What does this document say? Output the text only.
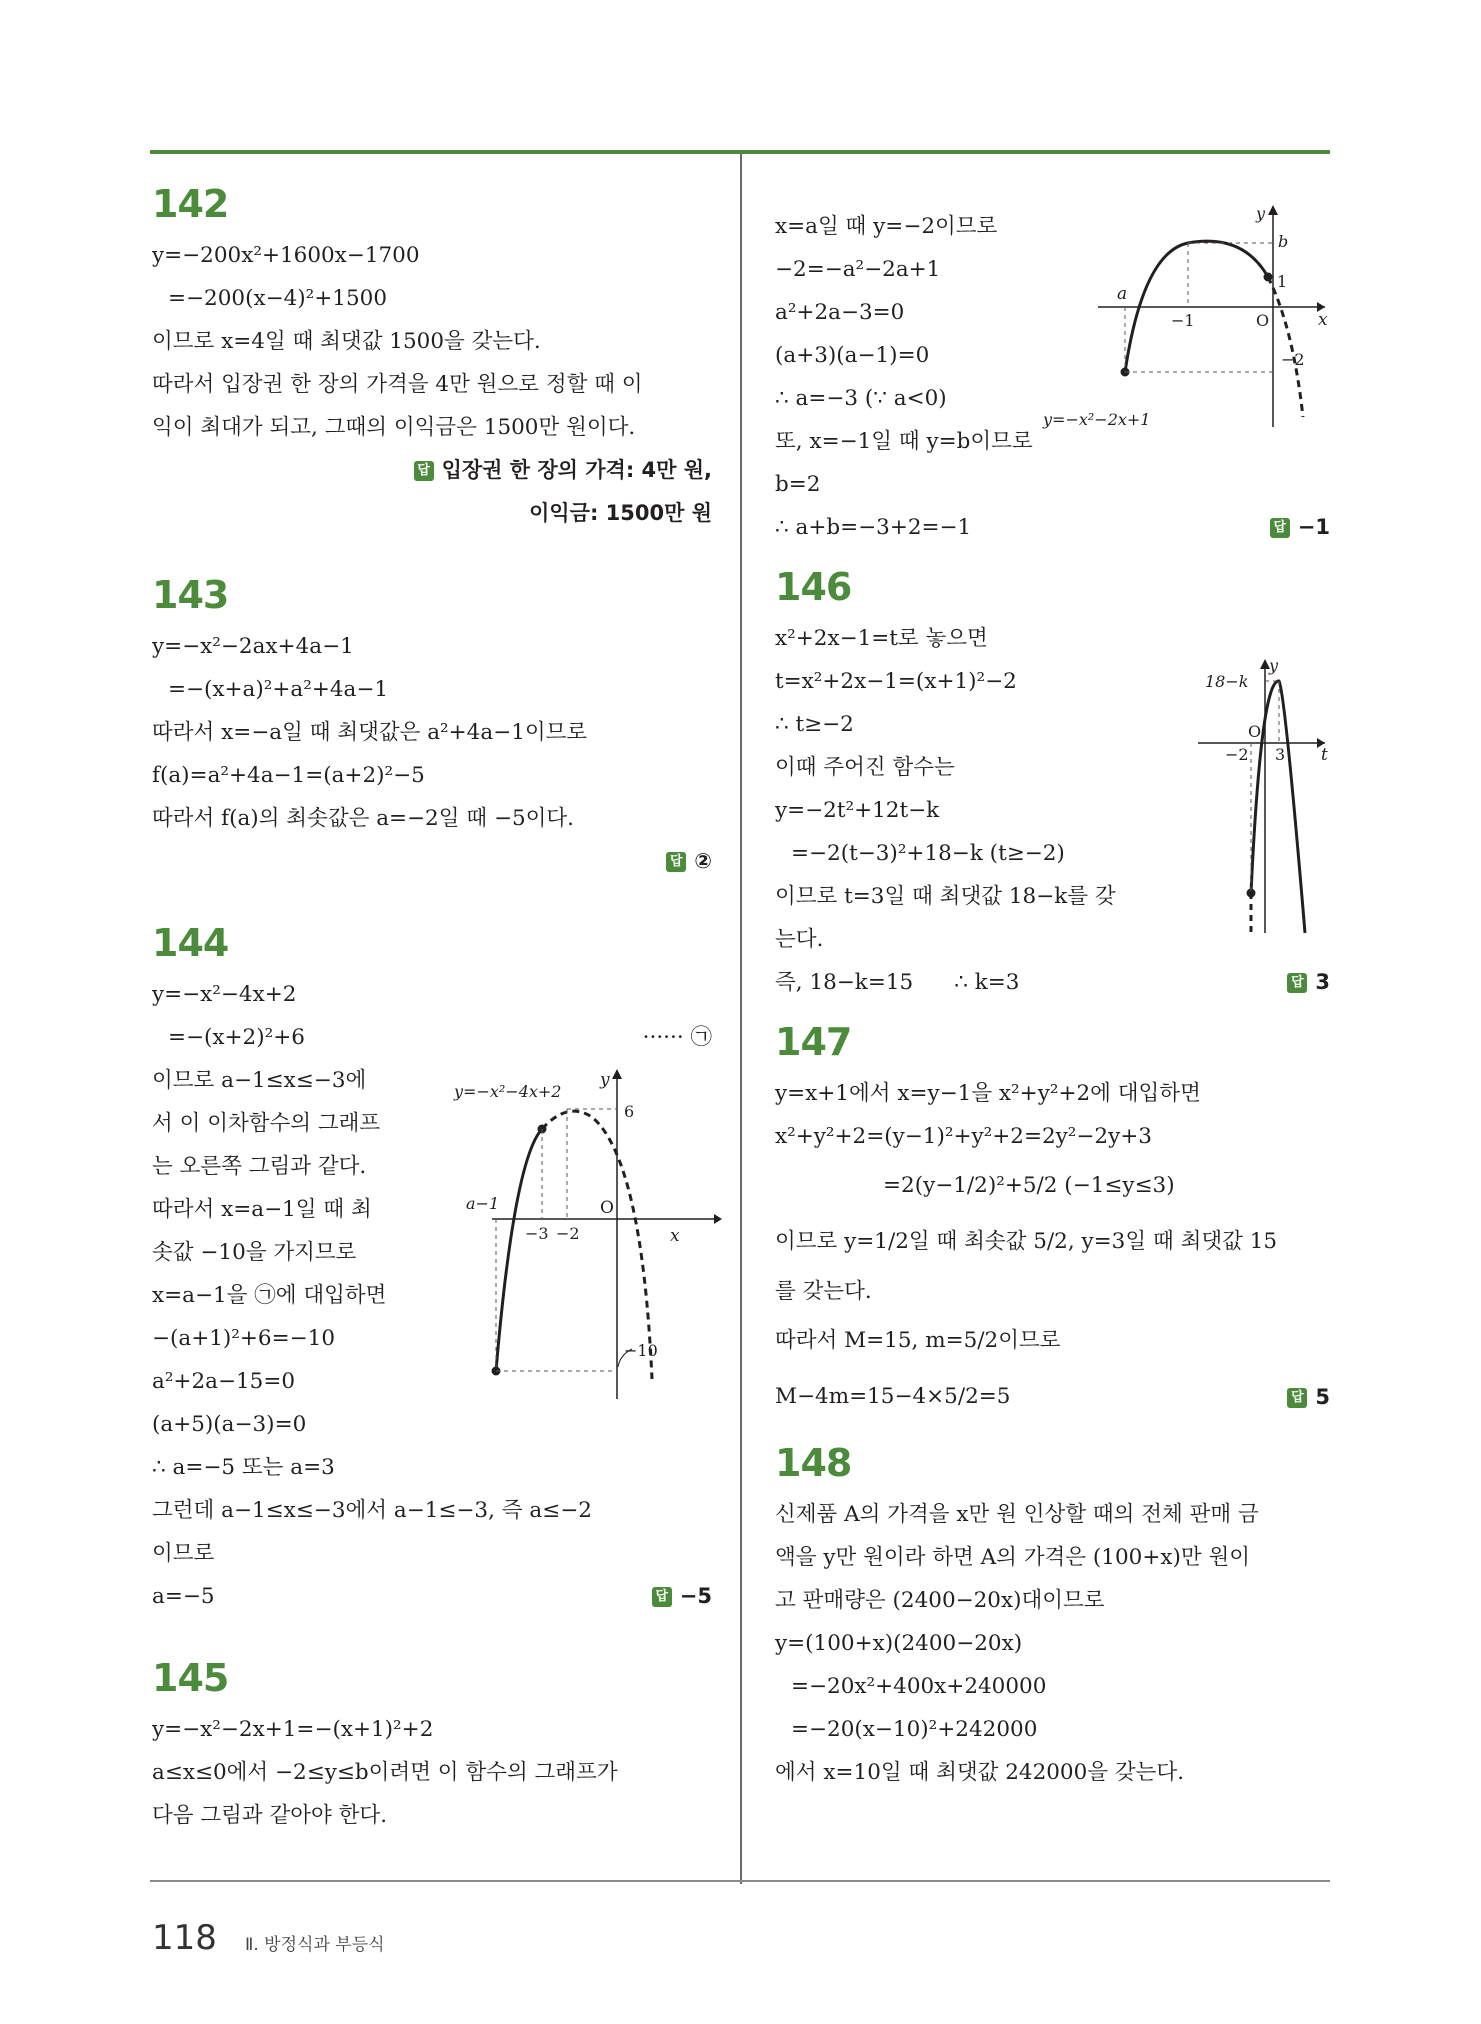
142
y=−200x²+1600x−1700
=−200(x−4)²+1500
이므로 x=4일 때 최댓값 1500을 갖는다.
따라서 입장권 한 장의 가격을 4만 원으로 정할 때 이
익이 최대가 되고, 그때의 이익금은 1500만 원이다.
답 입장권 한 장의 가격: 4만 원,
이익금: 1500만 원
143
y=−x²−2ax+4a−1
=−(x+a)²+a²+4a−1
따라서 x=−a일 때 최댓값은 a²+4a−1이므로
f(a)=a²+4a−1=(a+2)²−5
따라서 f(a)의 최솟값은 a=−2일 때 −5이다.
답 ②
144
y=−x²−4x+2
=−(x+2)²+6	······ ㉠
이므로 a−1≤x≤−3에
서 이 이차함수의 그래프
는 오른쪽 그림과 같다.
따라서 x=a−1일 때 최
솟값 −10을 가지므로
x=a−1을 ㉠에 대입하면
−(a+1)²+6=−10
a²+2a−15=0
(a+5)(a−3)=0
∴ a=−5 또는 a=3
그런데 a−1≤x≤−3에서 a−1≤−3, 즉 a≤−2
이므로
a=−5	답 −5
y=−x²−4x+2
6
−10
O
x
y
a−1
−3 −2
145
y=−x²−2x+1=−(x+1)²+2
a≤x≤0에서 −2≤y≤b이려면 이 함수의 그래프가
다음 그림과 같아야 한다.
x=a일 때 y=−2이므로
−2=−a²−2a+1
a²+2a−3=0
(a+3)(a−1)=0
∴ a=−3 (∵ a<0)
또, x=−1일 때 y=b이므로
b=2
∴ a+b=−3+2=−1	답 −1
b
1
a
−1	O
−2
x
y
y=−x²−2x+1
146
x²+2x−1=t로 놓으면
t=x²+2x−1=(x+1)²−2
∴ t≥−2
이때 주어진 함수는
y=−2t²+12t−k
=−2(t−3)²+18−k (t≥−2)
이므로 t=3일 때 최댓값 18−k를 갖
는다.
즉, 18−k=15      ∴ k=3	답 3
18−k
y
O
−2 3 t
147
y=x+1에서 x=y−1을 x²+y²+2에 대입하면
x²+y²+2=(y−1)²+y²+2=2y²−2y+3
=2(y−1/2)²+5/2 (−1≤y≤3)
이므로 y=1/2일 때 최솟값 5/2, y=3일 때 최댓값 15
를 갖는다.
따라서 M=15, m=5/2이므로
M−4m=15−4×5/2=5	답 5
148
신제품 A의 가격을 x만 원 인상할 때의 전체 판매 금
액을 y만 원이라 하면 A의 가격은 (100+x)만 원이
고 판매량은 (2400−20x)대이므로
y=(100+x)(2400−20x)
=−20x²+400x+240000
=−20(x−10)²+242000
에서 x=10일 때 최댓값 242000을 갖는다.
118 Ⅱ. 방정식과 부등식
